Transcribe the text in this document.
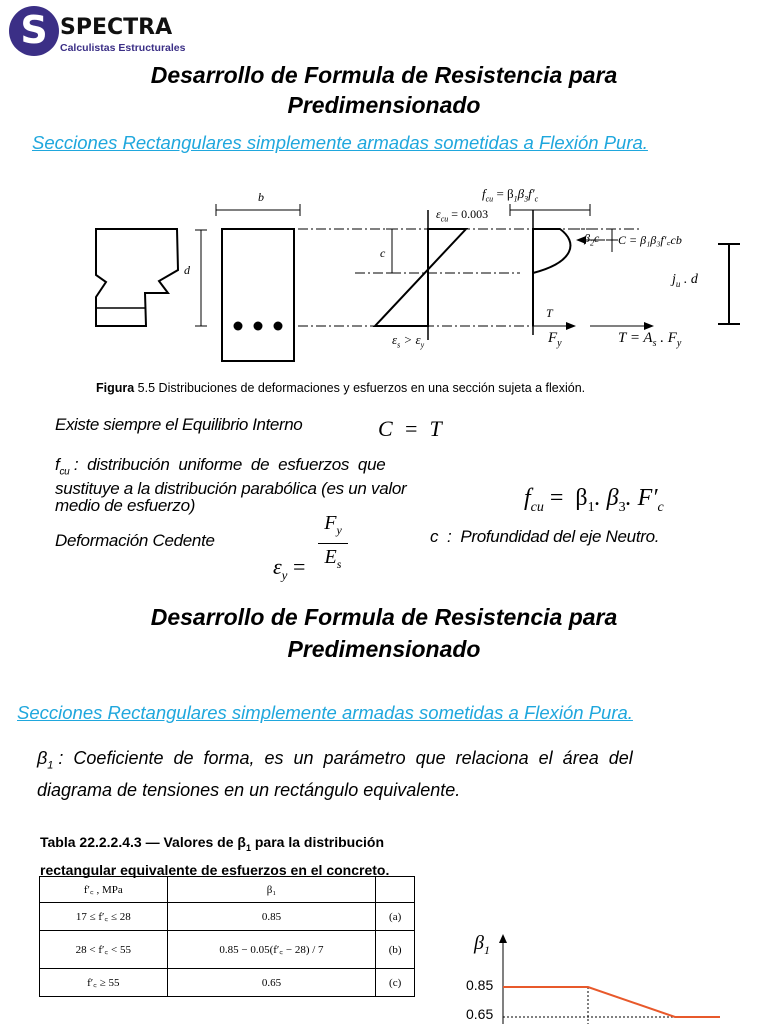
S SPECTRA
Calculistas Estructurales
Desarrollo de Formula de Resistencia para
Predimensionado
Secciones Rectangulares simplemente armadas sometidas a Flexión Pura.
b
d
c
$\varepsilon_{cu} = 0.003$
$\varepsilon_s > \varepsilon_y$
$f_{cu} = \beta_1\beta_3f'_c$
$\beta_2c$ C = β₁β₃f′꜀cb
$j_u$ . d
T
$F_y$	$T = A_s$ . $F_y$
Figura 5.5 Distribuciones de deformaciones y esfuerzos en una sección sujeta a flexión.
Existe siempre el Equilibrio Interno	C  =  T
$f_{cu}$ :  distribución  uniforme  de  esfuerzos  que
sustituye a la distribución parabólica (es un valor
medio de esfuerzo)	$f_{cu} = \beta_1$. $\beta_3$. $F'_c$

Deformación Cedente

$\varepsilon_y$ =

$F_y$
$E_s$
c  :  Profundidad del eje Neutro.
Desarrollo de Formula de Resistencia para
Predimensionado
Secciones Rectangulares simplemente armadas sometidas a Flexión Pura.
$\beta_1$ :  Coeficiente  de  forma,  es  un  parámetro  que  relaciona  el  área  del
diagrama de tensiones en un rectángulo equivalente.
Tabla 22.2.2.4.3 — Valores de $\beta_1$ para la distribución
rectangular equivalente de esfuerzos en el concreto.
f′꜀ , MPa	β₁	
17 ≤ f′꜀ ≤ 28	0.85	(a)
28 < f′꜀ < 55	0.85 − 0.05(f′꜀ − 28) / 7	(b)
f′꜀ ≥ 55	0.65	(c)
$\beta_1$
0.85
0.65
